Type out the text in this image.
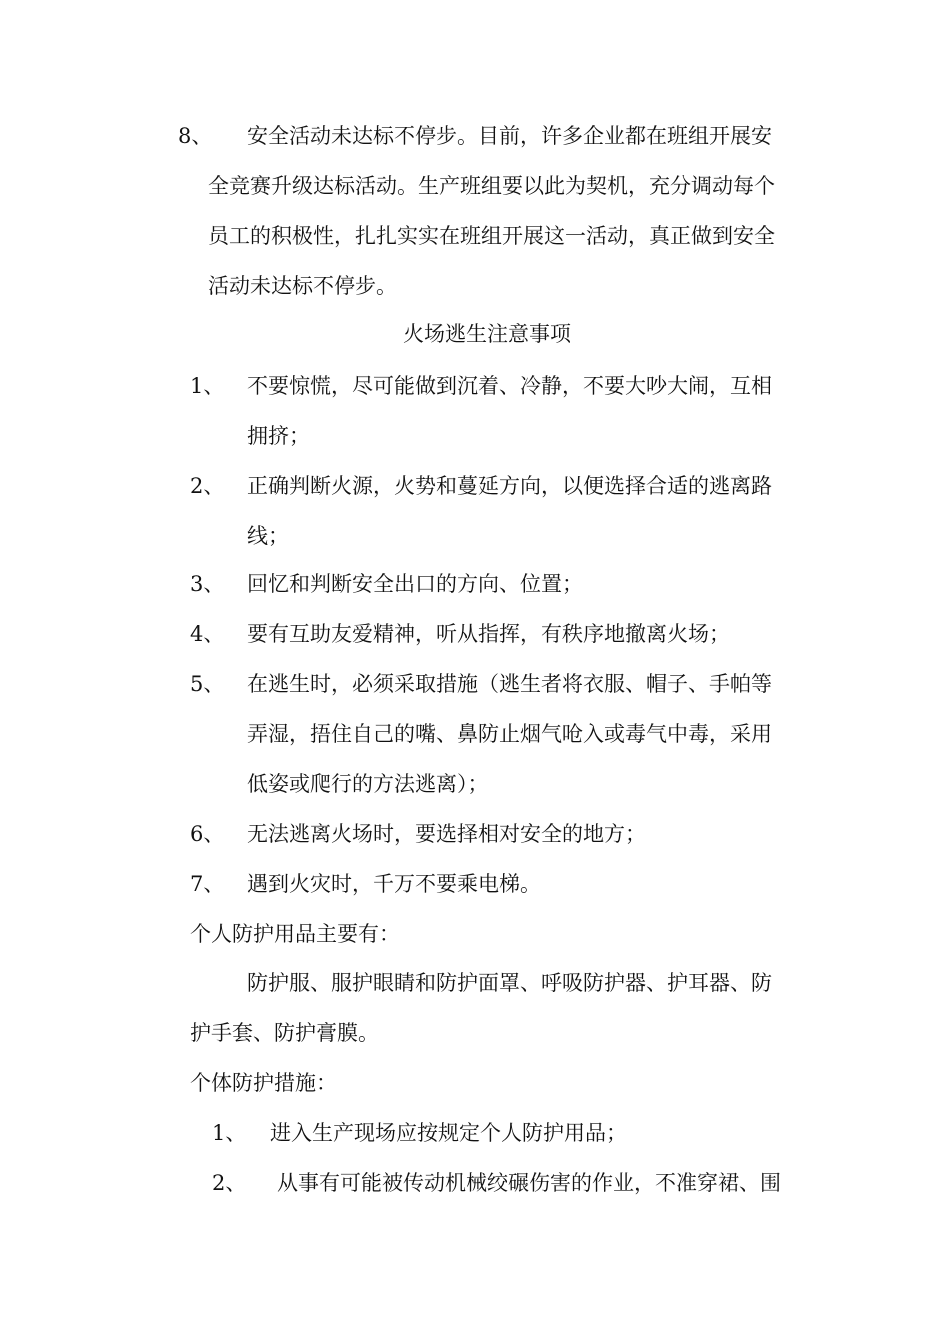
8、 安全活动未达标不停步。目前，许多企业都在班组开展安
全竞赛升级达标活动。生产班组要以此为契机，充分调动每个
员工的积极性，扎扎实实在班组开展这一活动，真正做到安全
活动未达标不停步。
火场逃生注意事项
1、 不要惊慌，尽可能做到沉着、冷静，不要大吵大闹，互相
拥挤；
2、 正确判断火源，火势和蔓延方向，以便选择合适的逃离路
线；
3、 回忆和判断安全出口的方向、位置；
4、 要有互助友爱精神，听从指挥，有秩序地撤离火场；
5、 在逃生时，必须采取措施（逃生者将衣服、帽子、手帕等
弄湿，捂住自己的嘴、鼻防止烟气呛入或毒气中毒，采用
低姿或爬行的方法逃离）；
6、 无法逃离火场时，要选择相对安全的地方；
7、 遇到火灾时，千万不要乘电梯。
个人防护用品主要有：
防护服、服护眼睛和防护面罩、呼吸防护器、护耳器、防
护手套、防护膏膜。
个体防护措施：
1、 进入生产现场应按规定个人防护用品；
2、 从事有可能被传动机械绞碾伤害的作业，不准穿裙、围
